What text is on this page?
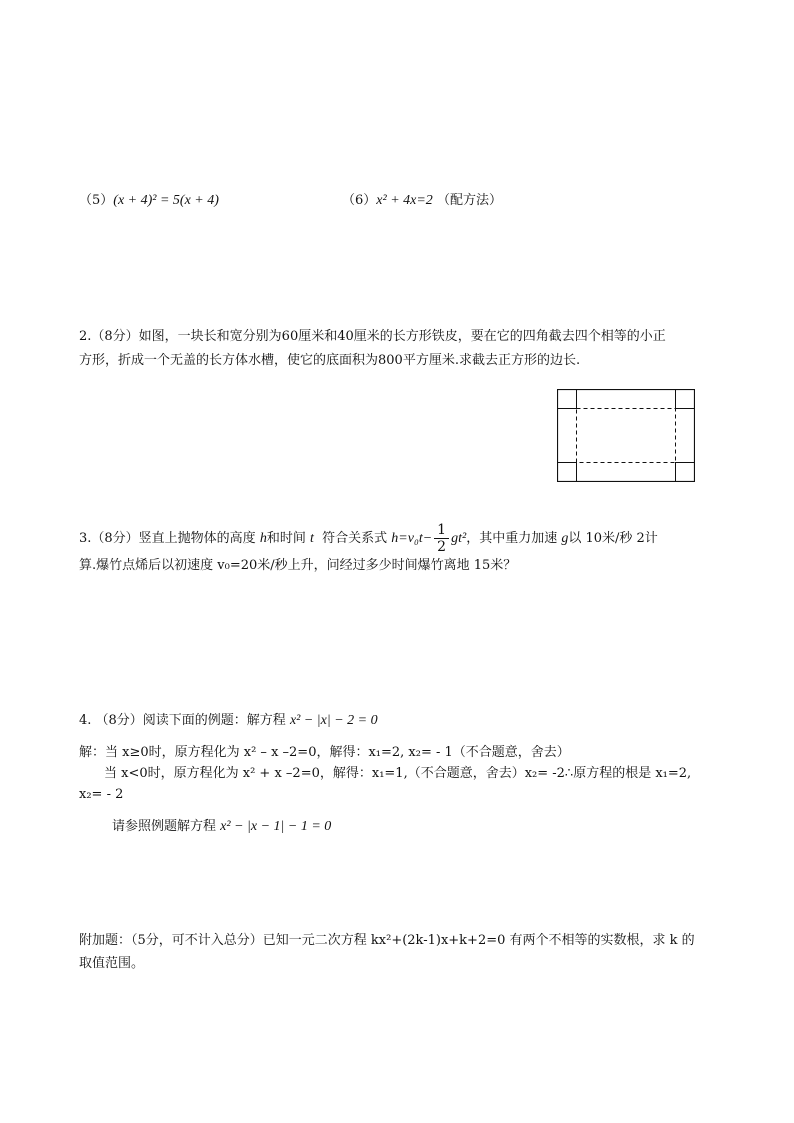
（5）(x + 4)² = 5(x + 4)	（6）x² + 4x=2 （配方法）
2.（8分）如图，一块长和宽分别为60厘米和40厘米的长方形铁皮，要在它的四角截去四个相等的小正
方形，折成一个无盖的长方体水槽，使它的底面积为800平方厘米.求截去正方形的边长.
3.（8分）竖直上抛物体的高度 h和时间 t 符合关系式 $h=v_0t- \frac{1}{2} gt^2$，其中重力加速 g以 10米/秒 2计
算.爆竹点烯后以初速度 v₀=20米/秒上升，问经过多少时间爆竹离地 15米？
4. （8分）阅读下面的例题：解方程 x² − |x| − 2 = 0
解：当 x≥0时，原方程化为 x² – x –2=0，解得：x₁=2, x₂= - 1（不合题意，舍去）
当 x<0时，原方程化为 x² + x –2=0，解得：x₁=1,（不合题意，舍去）x₂= -2∴原方程的根是 x₁=2,
x₂= - 2
请参照例题解方程 x² − |x − 1| − 1 = 0
附加题：（5分，可不计入总分）已知一元二次方程 kx²+(2k-1)x+k+2=0 有两个不相等的实数根，求 k 的
取值范围。
